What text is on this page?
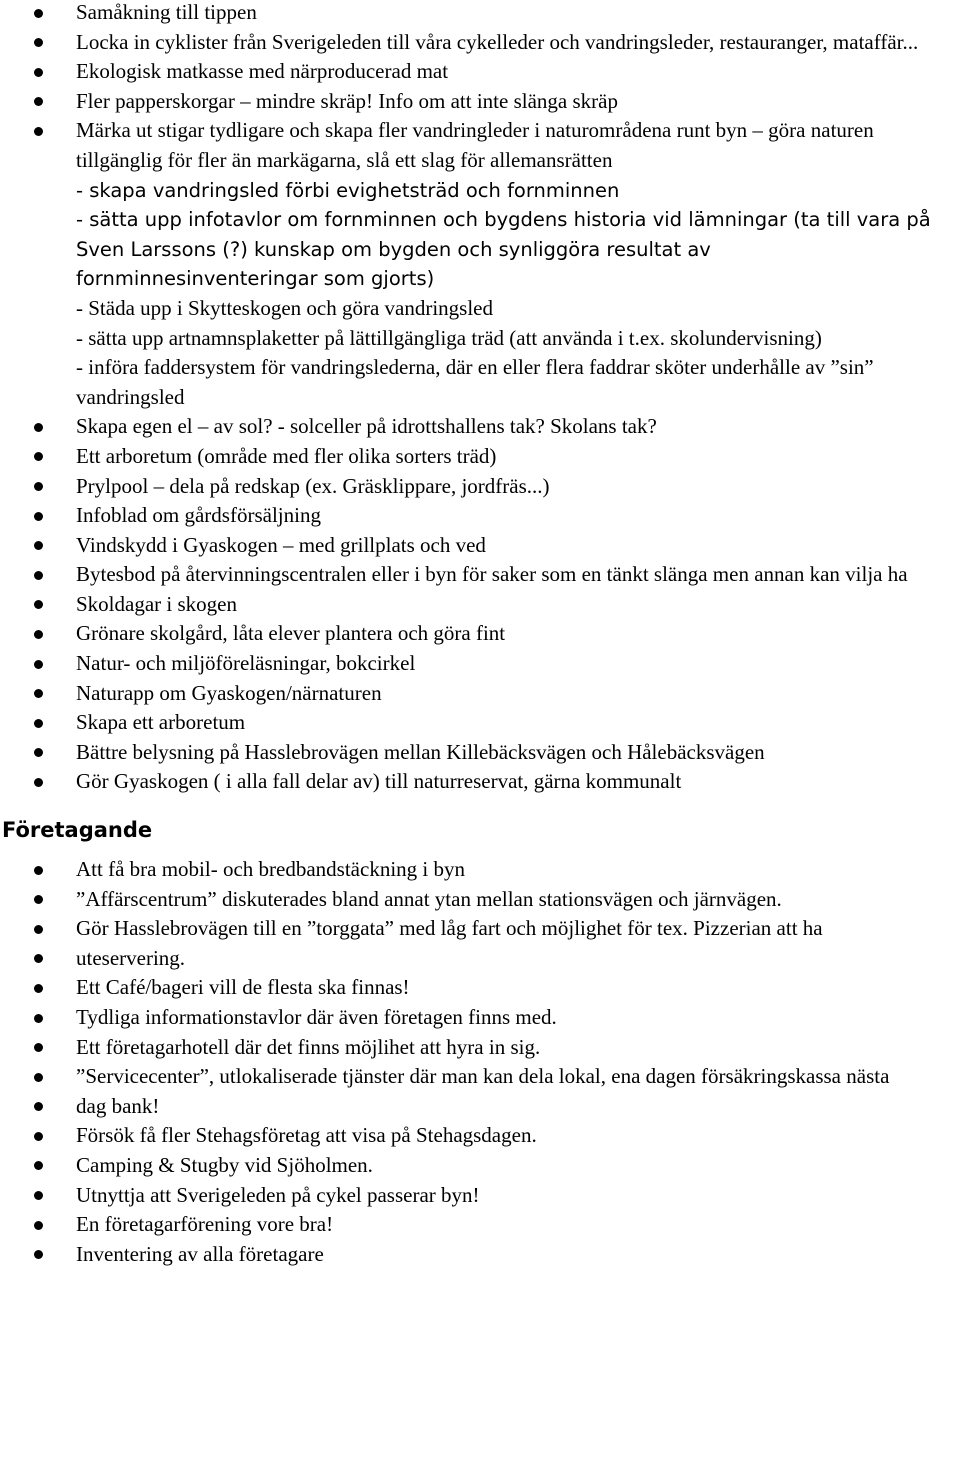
Samåkning till tippen
Locka in cyklister från Sverigeleden till våra cykelleder och vandringsleder, restauranger, mataffär...
Ekologisk matkasse med närproducerad mat
Fler papperskorgar – mindre skräp! Info om att inte slänga skräp
Märka ut stigar tydligare och skapa fler vandringleder i naturområdena runt byn – göra naturen tillgänglig för fler än markägarna, slå ett slag för allemansrätten
- skapa vandringsled förbi evighetsträd och fornminnen
- sätta upp infotavlor om fornminnen och bygdens historia vid lämningar (ta till vara på Sven Larssons (?) kunskap om bygden och synliggöra resultat av fornminnesinventeringar som gjorts)
- Städa upp i Skytteskogen och göra vandringsled
- sätta upp artnamnsplaketter på lättillgängliga träd (att använda i t.ex. skolundervisning)
- införa faddersystem för vandringslederna, där en eller flera faddrar sköter underhålle av ”sin” vandringsled
Skapa egen el – av sol? - solceller på idrottshallens tak? Skolans tak?
Ett arboretum (område med fler olika sorters träd)
Prylpool – dela på redskap (ex. Gräsklippare, jordfräs...)
Infoblad om gårdsförsäljning
Vindskydd i Gyaskogen – med grillplats och ved
Bytesbod på återvinningscentralen eller i byn för saker som en tänkt slänga men annan kan vilja ha
Skoldagar i skogen
Grönare skolgård, låta elever plantera och göra fint
Natur- och miljöföreläsningar, bokcirkel
Naturapp om Gyaskogen/närnaturen
Skapa ett arboretum
Bättre belysning på Hasslebrovägen mellan Killebäcksvägen och Hålebäcksvägen
Gör Gyaskogen ( i alla fall delar av) till naturreservat, gärna kommunalt
Företagande
Att få bra mobil- och bredbandstäckning i byn
”Affärscentrum” diskuterades bland annat ytan mellan stationsvägen och järnvägen.
Gör Hasslebrovägen till en ”torggata” med låg fart och möjlighet för tex. Pizzerian att ha
uteservering.
Ett Café/bageri vill de flesta ska finnas!
Tydliga informationstavlor där även företagen finns med.
Ett företagarhotell där det finns möjlihet att hyra in sig.
”Servicecenter”, utlokaliserade tjänster där man kan dela lokal, ena dagen försäkringskassa nästa
dag bank!
Försök få fler Stehagsföretag att visa på Stehagsdagen.
Camping & Stugby vid Sjöholmen.
Utnyttja att Sverigeleden på cykel passerar byn!
En företagarförening vore bra!
Inventering av alla företagare
